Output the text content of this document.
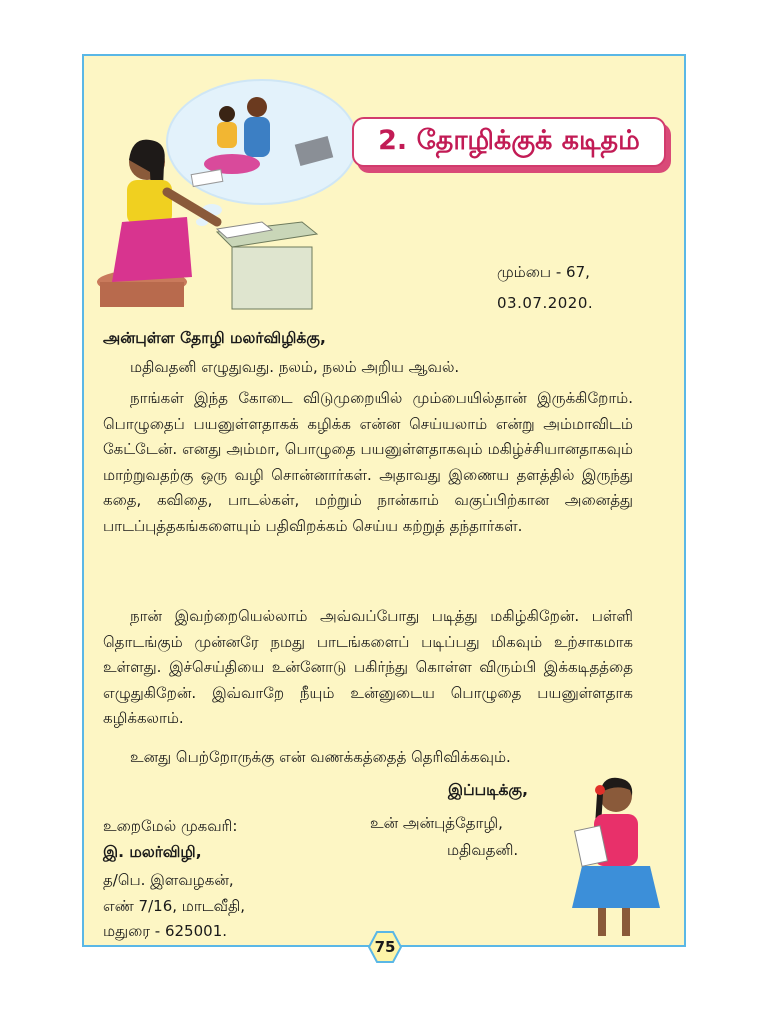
2. தோழிக்குக் கடிதம்
மும்பை - 67,
03.07.2020.
அன்புள்ள தோழி மலர்விழிக்கு,

மதிவதனி எழுதுவது. நலம், நலம் அறிய ஆவல்.

நாங்கள் இந்த கோடை விடுமுறையில் மும்பையில்தான் இருக்கிறோம். பொழுதைப் பயனுள்ளதாகக் கழிக்க என்ன செய்யலாம் என்று அம்மாவிடம் கேட்டேன். எனது அம்மா, பொழுதை பயனுள்ளதாகவும் மகிழ்ச்சியானதாகவும் மாற்றுவதற்கு ஒரு வழி சொன்னார்கள். அதாவது இணைய தளத்தில் இருந்து கதை, கவிதை, பாடல்கள், மற்றும் நான்காம் வகுப்பிற்கான அனைத்து பாடப்புத்தகங்களையும் பதிவிறக்கம் செய்ய கற்றுத் தந்தார்கள்.

நான் இவற்றையெல்லாம் அவ்வப்போது படித்து மகிழ்கிறேன். பள்ளி தொடங்கும் முன்னரே நமது பாடங்களைப் படிப்பது மிகவும் உற்சாகமாக உள்ளது. இச்செய்தியை உன்னோடு பகிர்ந்து கொள்ள விரும்பி இக்கடிதத்தை எழுதுகிறேன். இவ்வாறே நீயும் உன்னுடைய பொழுதை பயனுள்ளதாக கழிக்கலாம்.

உனது பெற்றோருக்கு என் வணக்கத்தைத் தெரிவிக்கவும்.

இப்படிக்கு,
உன் அன்புத்தோழி,
மதிவதனி.
உறைமேல் முகவரி:
இ. மலர்விழி,
த/பெ. இளவழகன்,
எண் 7/16, மாடவீதி,
மதுரை - 625001.
75
